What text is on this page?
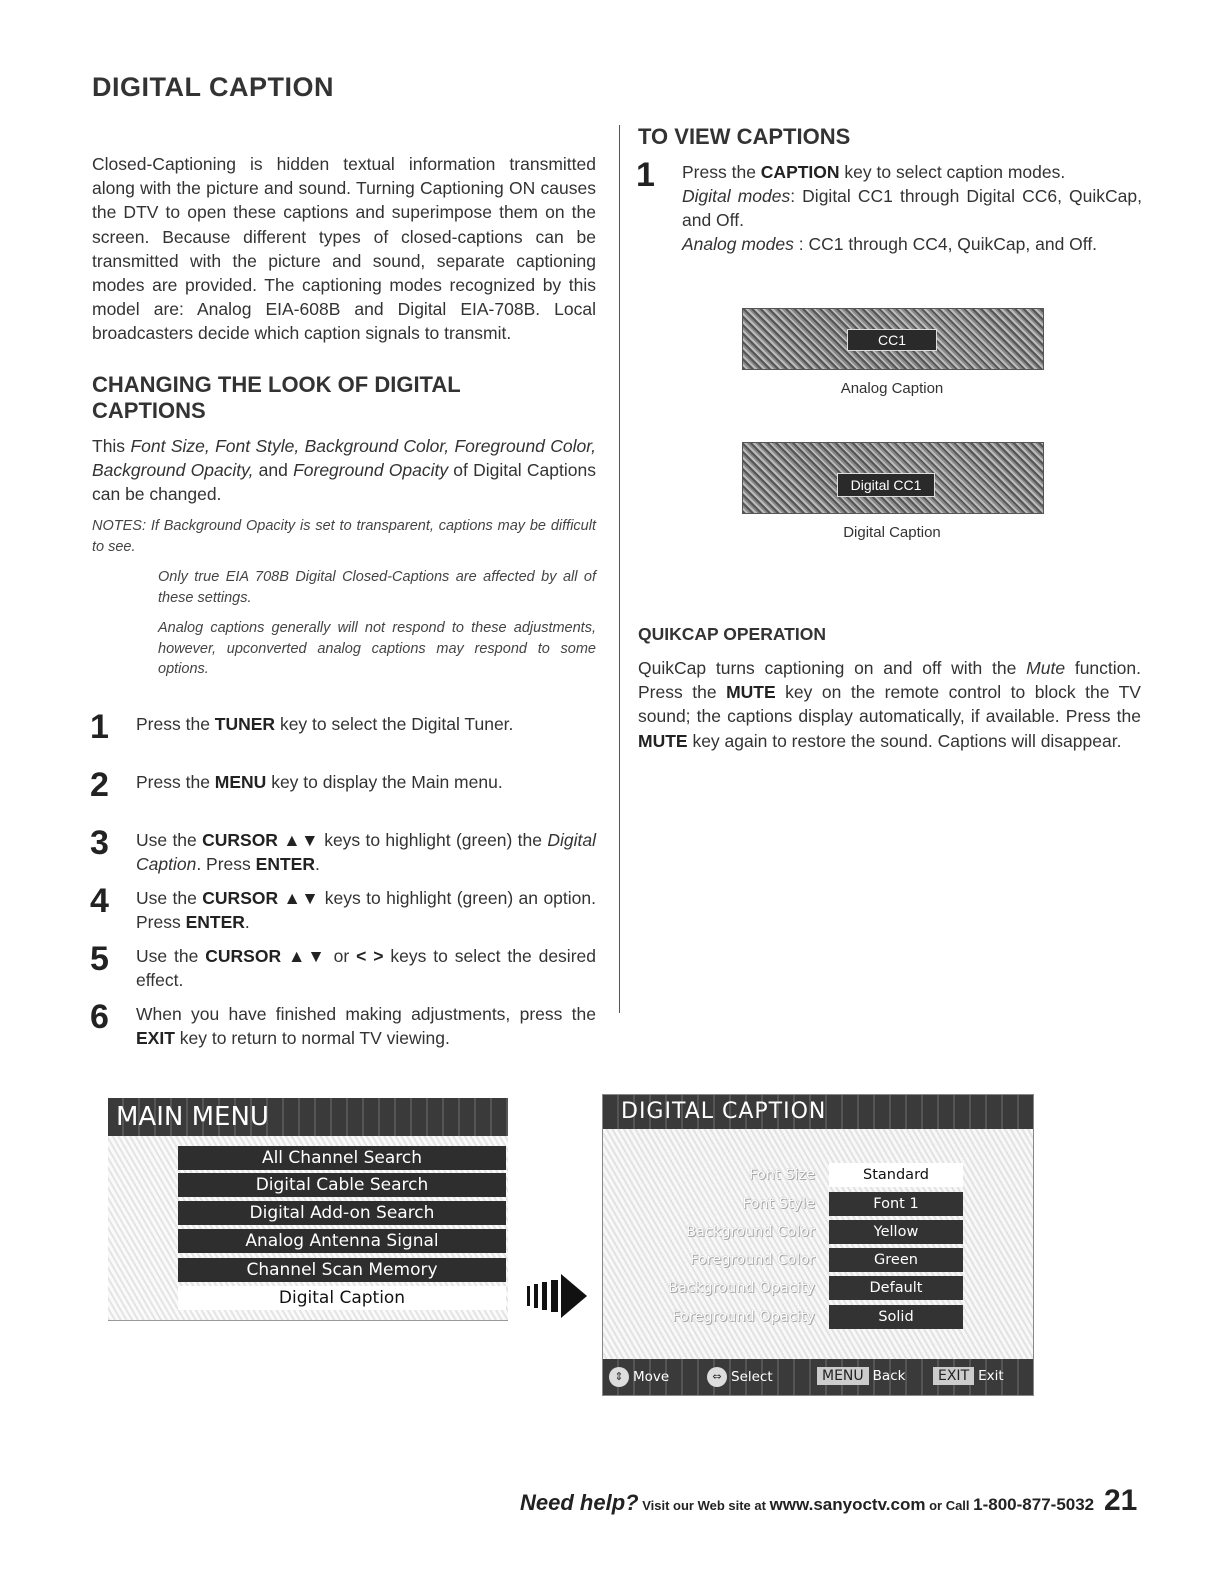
DIGITAL CAPTION

Closed-Captioning is hidden textual information transmitted along with the picture and sound. Turning Captioning ON causes the DTV to open these captions and superimpose them on the screen. Because different types of closed-captions can be transmitted with the picture and sound, separate captioning modes are provided. The captioning modes recognized by this model are: Analog EIA-608B and Digital EIA-708B. Local broadcasters decide which caption signals to transmit.

CHANGING THE LOOK OF DIGITAL
CAPTIONS

This Font Size, Font Style, Background Color, Foreground Color, Background Opacity, and Foreground Opacity of Digital Captions can be changed.

NOTES: If Background Opacity is set to transparent, captions may be difficult to see.

Only true EIA 708B Digital Closed-Captions are affected by all of these settings.

Analog captions generally will not respond to these adjustments, however, upconverted analog captions may respond to some options.

1 Press the TUNER key to select the Digital Tuner.
2 Press the MENU key to display the Main menu.
3 Use the CURSOR ▲▼ keys to highlight (green) the Digital Caption. Press ENTER.
4 Use the CURSOR ▲▼ keys to highlight (green) an option. Press ENTER.
5 Use the CURSOR ▲▼ or < > keys to select the desired effect.
6 When you have finished making adjustments, press the EXIT key to return to normal TV viewing.
TO VIEW CAPTIONS
1 Press the CAPTION key to select caption modes.
Digital modes: Digital CC1 through Digital CC6, QuikCap, and Off.
Analog modes : CC1 through CC4, QuikCap, and Off.
CC1
Analog Caption
Digital CC1
Digital Caption
QUIKCAP OPERATION

QuikCap turns captioning on and off with the Mute function. Press the MUTE key on the remote control to block the TV sound; the captions display automatically, if available. Press the MUTE key again to restore the sound. Captions will disappear.

MAIN MENU
All Channel Search
Digital Cable Search
Digital Add-on Search
Analog Antenna Signal
Channel Scan Memory
Digital Caption
DIGITAL CAPTION
Font Size	Standard
Font Style	Font 1
Background Color	Yellow
Foreground Color	Green
Background Opacity	Default
Foreground Opacity	Solid
⇕ Move	⇔ Select	MENU Back	EXIT Exit
Need help? Visit our Web site at www.sanyoctv.com or Call 1-800-877-5032 21
